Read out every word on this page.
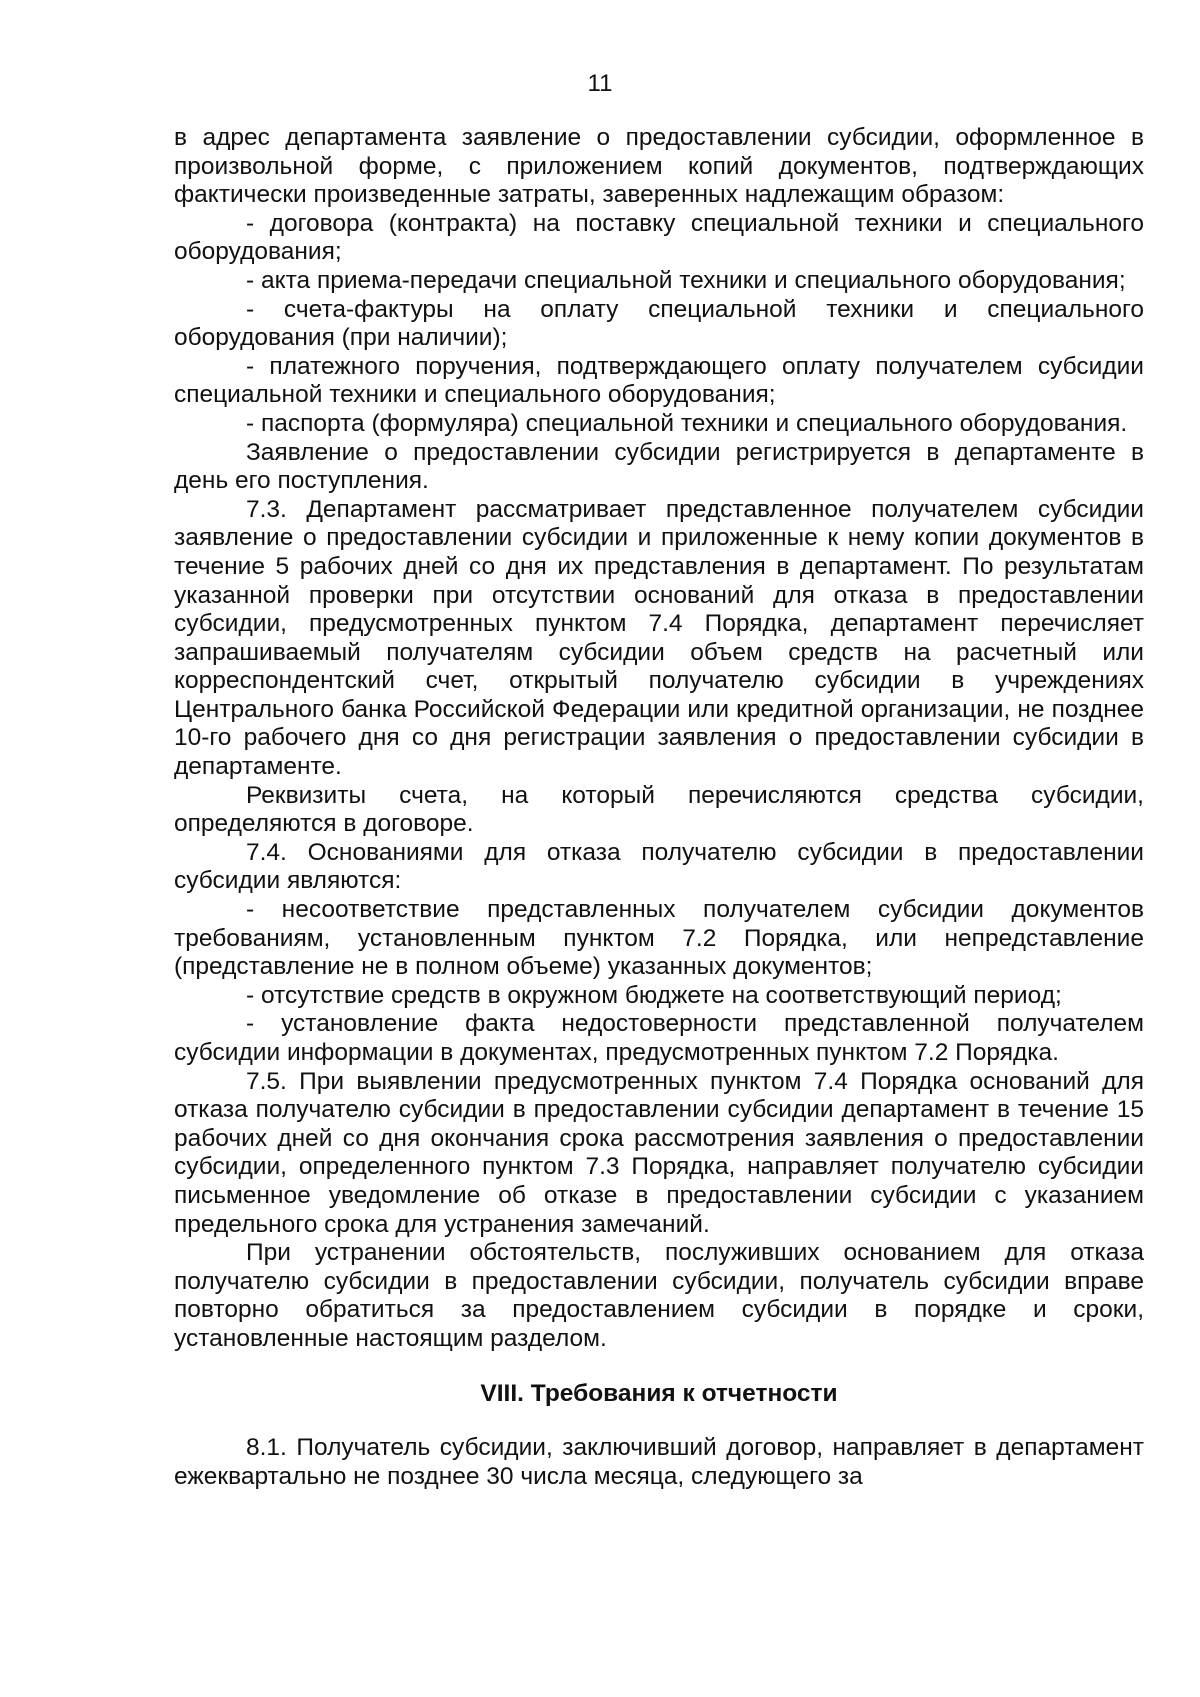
11

в адрес департамента заявление о предоставлении субсидии, оформленное в произвольной форме, с приложением копий документов, подтверждающих фактически произведенные затраты, заверенных надлежащим образом:

- договора (контракта) на поставку специальной техники и специального оборудования;

- акта приема-передачи специальной техники и специального оборудования;

- счета-фактуры на оплату специальной техники и специального оборудования (при наличии);

- платежного поручения, подтверждающего оплату получателем субсидии специальной техники и специального оборудования;

- паспорта (формуляра) специальной техники и специального оборудования.

Заявление о предоставлении субсидии регистрируется в департаменте в день его поступления.

7.3. Департамент рассматривает представленное получателем субсидии заявление о предоставлении субсидии и приложенные к нему копии документов в течение 5 рабочих дней со дня их представления в департамент. По результатам указанной проверки при отсутствии оснований для отказа в предоставлении субсидии, предусмотренных пунктом 7.4 Порядка, департамент перечисляет запрашиваемый получателям субсидии объем средств на расчетный или корреспондентский счет, открытый получателю субсидии в учреждениях Центрального банка Российской Федерации или кредитной организации, не позднее 10-го рабочего дня со дня регистрации заявления о предоставлении субсидии в департаменте.

Реквизиты счета, на который перечисляются средства субсидии, определяются в договоре.

7.4. Основаниями для отказа получателю субсидии в предоставлении субсидии являются:

- несоответствие представленных получателем субсидии документов требованиям, установленным пунктом 7.2 Порядка, или непредставление (представление не в полном объеме) указанных документов;

- отсутствие средств в окружном бюджете на соответствующий период;

- установление факта недостоверности представленной получателем субсидии информации в документах, предусмотренных пунктом 7.2 Порядка.

7.5. При выявлении предусмотренных пунктом 7.4 Порядка оснований для отказа получателю субсидии в предоставлении субсидии департамент в течение 15 рабочих дней со дня окончания срока рассмотрения заявления о предоставлении субсидии, определенного пунктом 7.3 Порядка, направляет получателю субсидии письменное уведомление об отказе в предоставлении субсидии с указанием предельного срока для устранения замечаний.

При устранении обстоятельств, послуживших основанием для отказа получателю субсидии в предоставлении субсидии, получатель субсидии вправе повторно обратиться за предоставлением субсидии в порядке и сроки, установленные настоящим разделом.

VIII. Требования к отчетности

8.1. Получатель субсидии, заключивший договор, направляет в департамент ежеквартально не позднее 30 числа месяца, следующего за
